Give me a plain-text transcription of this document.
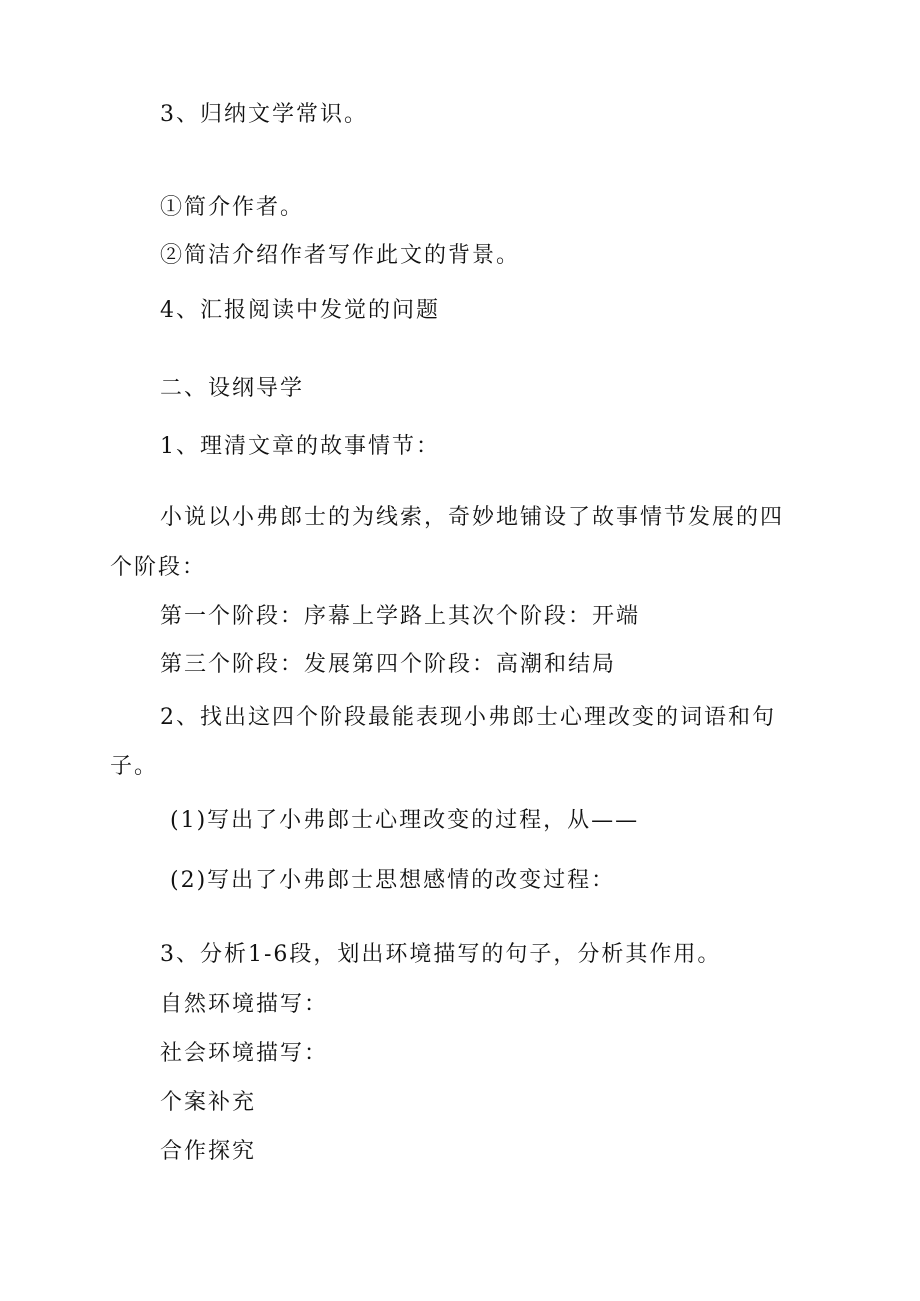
3、归纳文学常识。
①简介作者。
②简洁介绍作者写作此文的背景。
4、汇报阅读中发觉的问题
二、设纲导学
1、理清文章的故事情节：
小说以小弗郎士的为线索，奇妙地铺设了故事情节发展的四
个阶段：
第一个阶段：序幕上学路上其次个阶段：开端
第三个阶段：发展第四个阶段：高潮和结局
2、找出这四个阶段最能表现小弗郎士心理改变的词语和句
子。
(1)写出了小弗郎士心理改变的过程，从——
(2)写出了小弗郎士思想感情的改变过程：
3、分析1-6段，划出环境描写的句子，分析其作用。
自然环境描写：
社会环境描写：
个案补充
合作探究
